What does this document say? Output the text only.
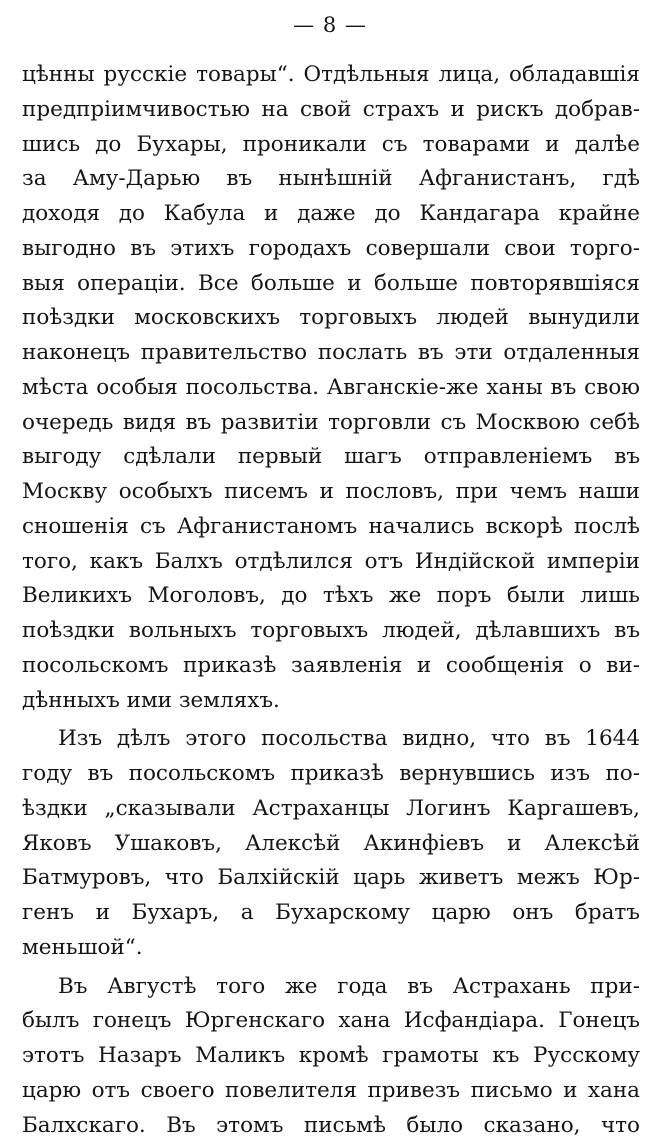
— 8 —
цѣнны русскіе товары“. Отдѣльныя лица, обладавшія
предпріимчивостью на свой страхъ и рискъ добрав-
шись до Бухары, проникали съ товарами и далѣе
за Аму-Дарью въ нынѣшній Афганистанъ, гдѣ
доходя до Кабула и даже до Кандагара крайне
выгодно въ этихъ городахъ совершали свои торго-
выя операціи. Все больше и больше повторявшіяся
поѣздки московскихъ торговыхъ людей вынудили
наконецъ правительство послать въ эти отдаленныя
мѣста особыя посольства. Авганскіе-же ханы въ свою
очередь видя въ развитіи торговли съ Москвою себѣ
выгоду сдѣлали первый шагъ отправленіемъ въ
Москву особыхъ писемъ и пословъ, при чемъ наши
сношенія съ Афганистаномъ начались вскорѣ послѣ
того, какъ Балхъ отдѣлился отъ Индійской имперіи
Великихъ Моголовъ, до тѣхъ же поръ были лишь
поѣздки вольныхъ торговыхъ людей, дѣлавшихъ въ
посольскомъ приказѣ заявленія и сообщенія о ви-
дѣнныхъ ими земляхъ.
Изъ дѣлъ этого посольства видно, что въ 1644
году въ посольскомъ приказѣ вернувшись изъ по-
ѣздки „сказывали Астраханцы Логинъ Каргашевъ,
Яковъ Ушаковъ, Алексѣй Акинфіевъ и Алексѣй
Батмуровъ, что Балхійскій царь живетъ межъ Юр-
генъ и Бухаръ, а Бухарскому царю онъ братъ
меньшой“.
Въ Августѣ того же года въ Астрахань при-
былъ гонецъ Юргенскаго хана Исфандіара. Гонецъ
этотъ Назаръ Маликъ кромѣ грамоты къ Русскому
царю отъ своего повелителя привезъ письмо и хана
Балхскаго. Въ этомъ письмѣ было сказано, что
